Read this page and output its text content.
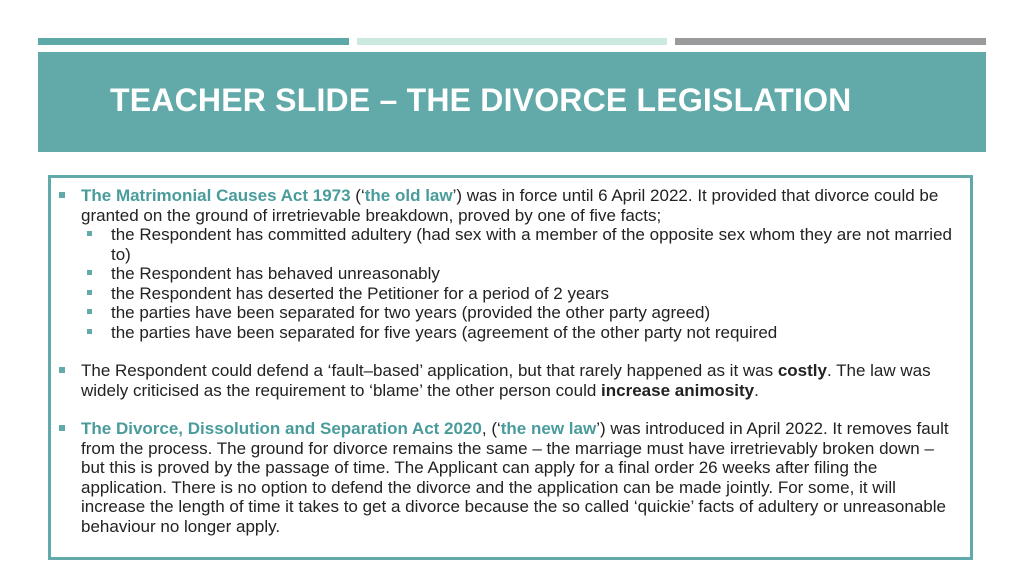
TEACHER SLIDE – THE DIVORCE LEGISLATION
The Matrimonial Causes Act 1973 (‘the old law’) was in force until 6 April 2022. It provided that divorce could be granted on the ground of irretrievable breakdown, proved by one of five facts;
the Respondent has committed adultery (had sex with a member of the opposite sex whom they are not married to)
the Respondent has behaved unreasonably
the Respondent has deserted the Petitioner for a period of 2 years
the parties have been separated for two years (provided the other party agreed)
the parties have been separated for five years (agreement of the other party not required
The Respondent could defend a ‘fault–based’ application, but that rarely happened as it was costly. The law was widely criticised as the requirement to ‘blame’ the other person could increase animosity.
The Divorce, Dissolution and Separation Act 2020, (‘the new law’) was introduced in April 2022. It removes fault from the process. The ground for divorce remains the same – the marriage must have irretrievably broken down – but this is proved by the passage of time. The Applicant can apply for a final order 26 weeks after filing the application. There is no option to defend the divorce and the application can be made jointly. For some, it will increase the length of time it takes to get a divorce because the so called ‘quickie’ facts of adultery or unreasonable behaviour no longer apply.
